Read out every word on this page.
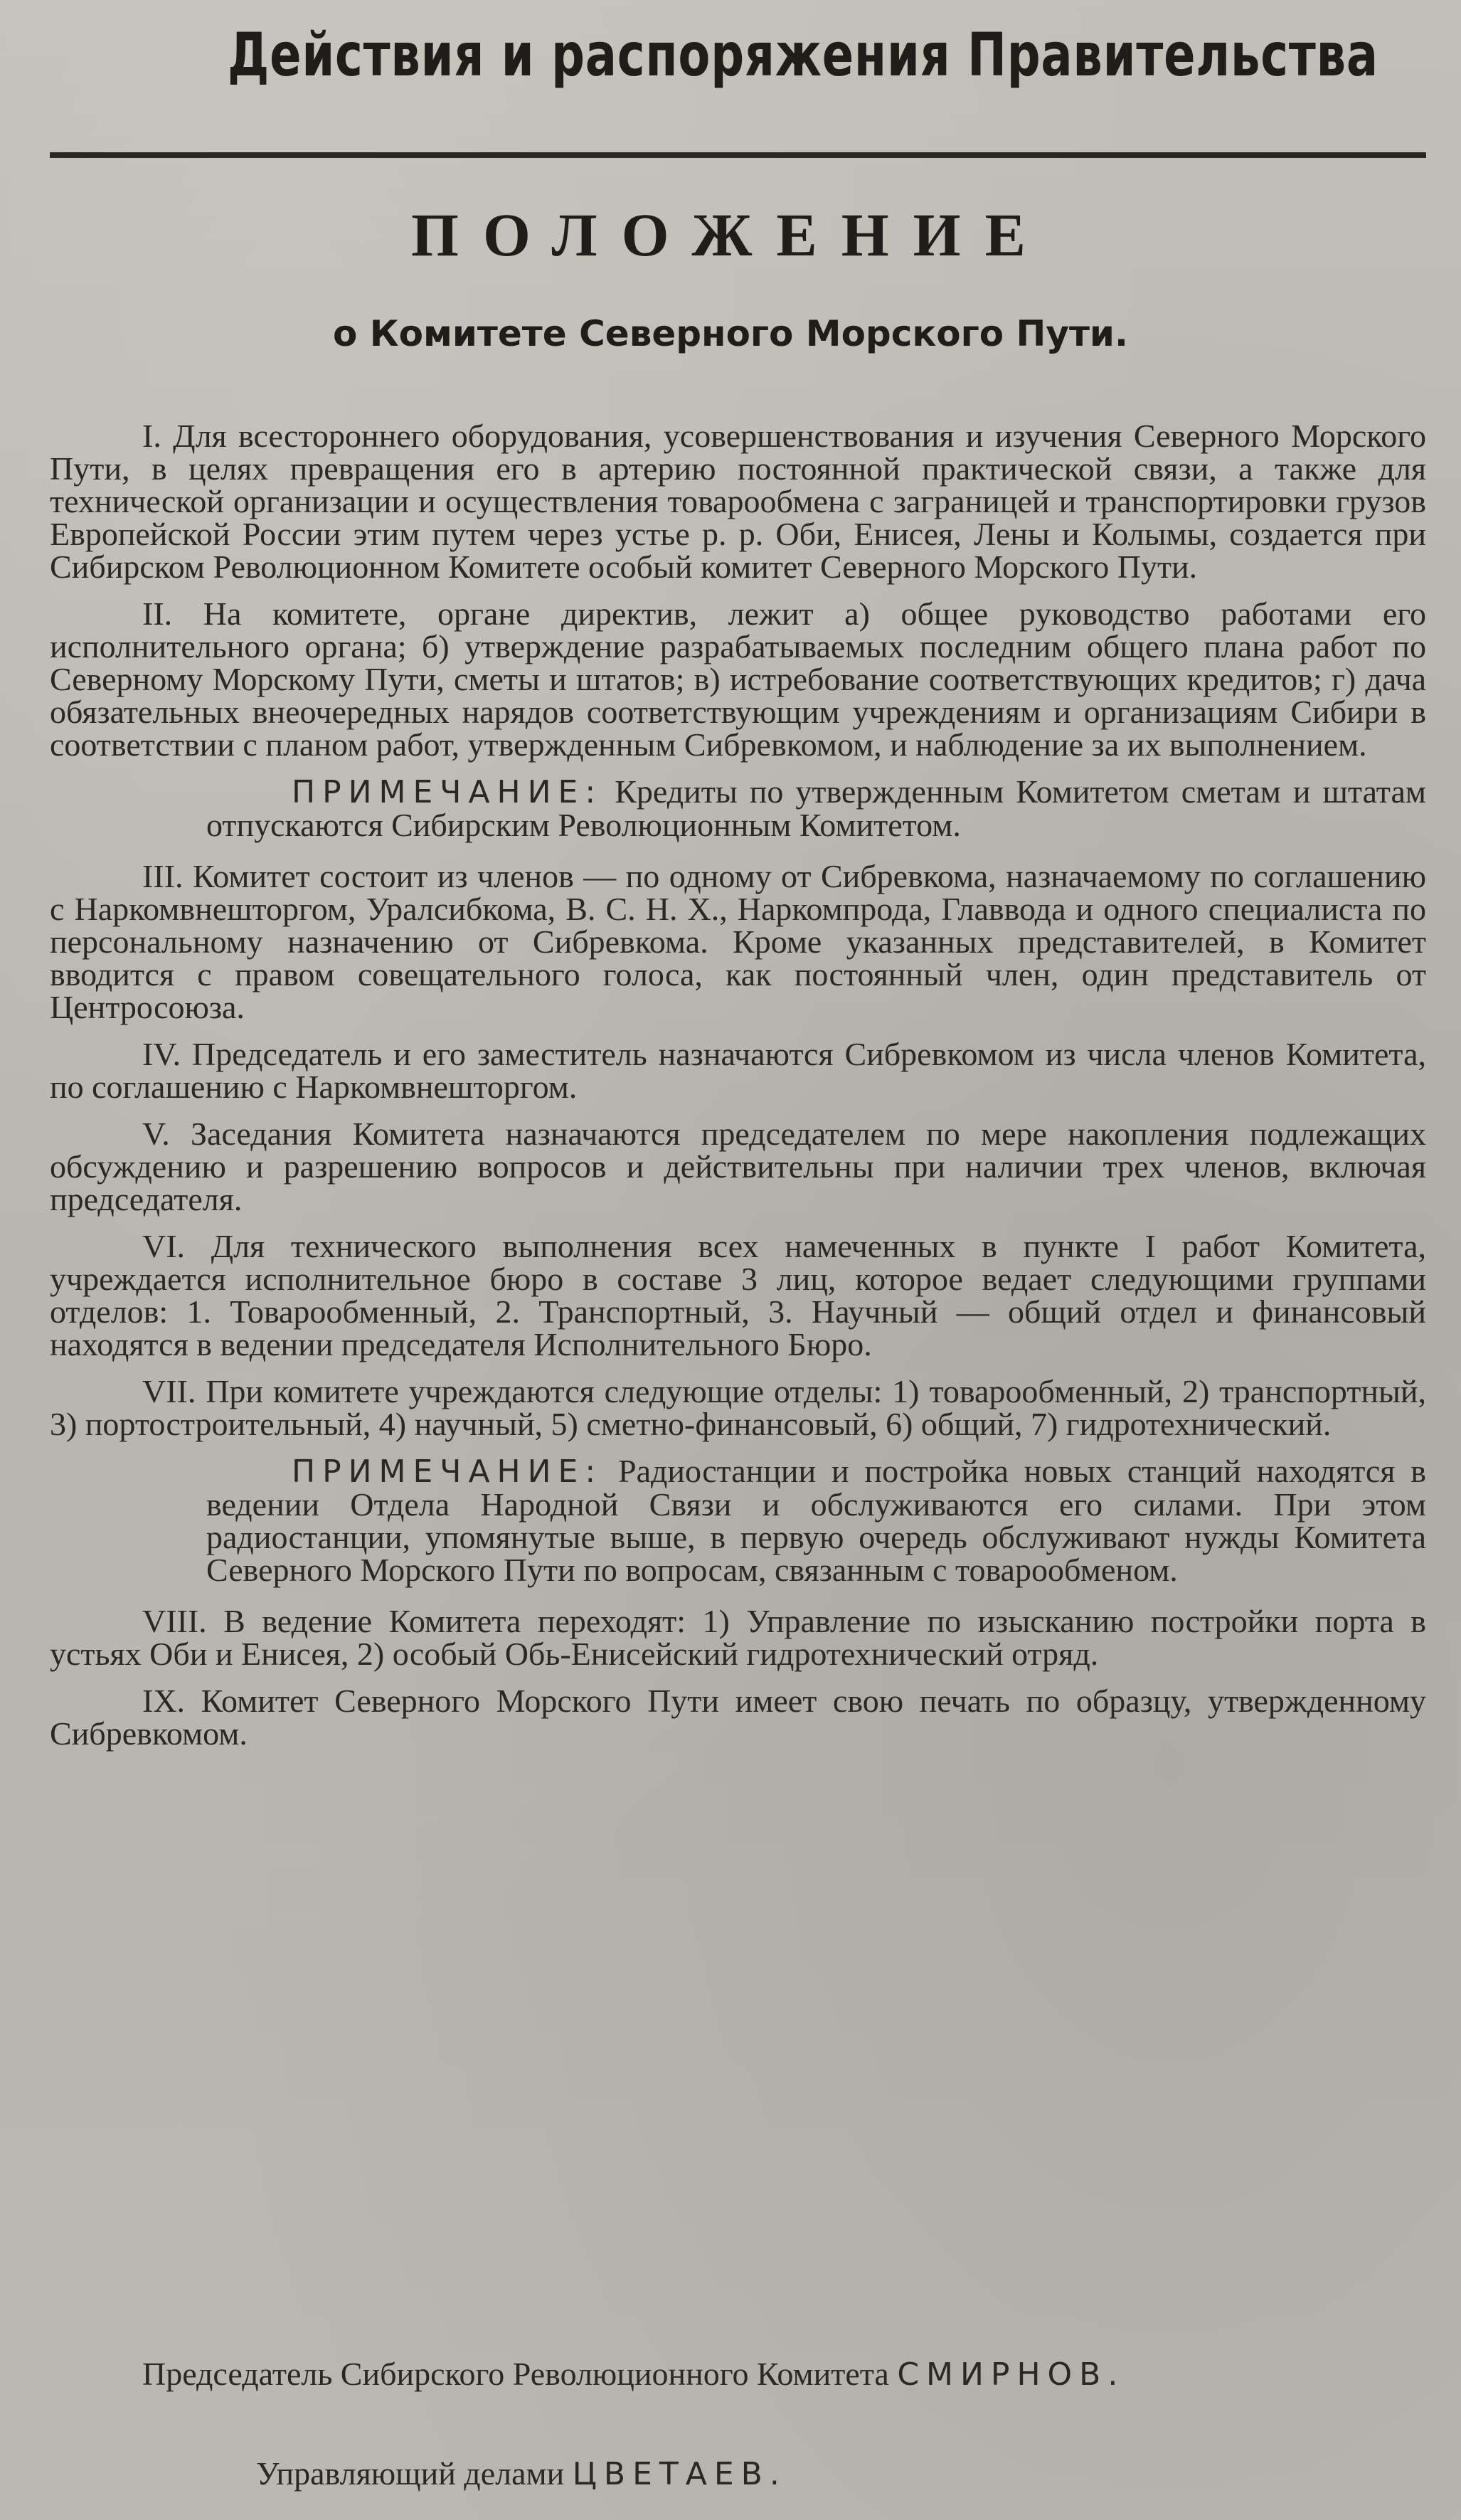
Действия и распоряжения Правительства
ПОЛОЖЕНИЕ
о Комитете Северного Морского Пути.

I. Для всестороннего оборудования, усовершенствования и изучения Северного Морского Пути, в целях превращения его в артерию постоянной практической связи, а также для технической организации и осуществления товарообмена с заграницей и транспортировки грузов Европейской России этим путем через устье р. р. Оби, Енисея, Лены и Колымы, создается при Сибирском Революционном Комитете особый комитет Северного Морского Пути.

II. На комитете, органе директив, лежит а) общее руководство работами его исполнительного органа; б) утверждение разрабатываемых последним общего плана работ по Северному Морскому Пути, сметы и штатов; в) истребование соответствующих кредитов; г) дача обязательных внеочередных нарядов соответствующим учреждениям и организациям Сибири в соответствии с планом работ, утвержденным Сибревкомом, и наблюдение за их выполнением.

ПРИМЕЧАНИЕ: Кредиты по утвержденным Комитетом сметам и штатам отпускаются Сибирским Революционным Комитетом.

III. Комитет состоит из членов — по одному от Сибревкома, назначаемому по соглашению с Наркомвнешторгом, Уралсибкома, В. С. Н. Х., Наркомпрода, Главвода и одного специалиста по персональному назначению от Сибревкома. Кроме указанных представителей, в Комитет вводится с правом совещательного голоса, как постоянный член, один представитель от Центросоюза.

IV. Председатель и его заместитель назначаются Сибревкомом из числа членов Комитета, по соглашению с Наркомвнешторгом.

V. Заседания Комитета назначаются председателем по мере накопления подлежащих обсуждению и разрешению вопросов и действительны при наличии трех членов, включая председателя.

VI. Для технического выполнения всех намеченных в пункте I работ Комитета, учреждается исполнительное бюро в составе 3 лиц, которое ведает следующими группами отделов: 1. Товарообменный, 2. Транспортный, 3. Научный — общий отдел и финансовый находятся в ведении председателя Исполнительного Бюро.

VII. При комитете учреждаются следующие отделы: 1) товарообменный, 2) транспортный, 3) портостроительный, 4) научный, 5) сметно-финансовый, 6) общий, 7) гидротехнический.

ПРИМЕЧАНИЕ: Радиостанции и постройка новых станций находятся в ведении Отдела Народной Связи и обслуживаются его силами. При этом радиостанции, упомянутые выше, в первую очередь обслуживают нужды Комитета Северного Морского Пути по вопросам, связанным с товарообменом.

VIII. В ведение Комитета переходят: 1) Управление по изысканию постройки порта в устьях Оби и Енисея, 2) особый Обь-Енисейский гидротехнический отряд.

IX. Комитет Северного Морского Пути имеет свою печать по образцу, утвержденному Сибревкомом.

Председатель Сибирского Революционного Комитета СМИРНОВ.
Управляющий делами ЦВЕТАЕВ.
